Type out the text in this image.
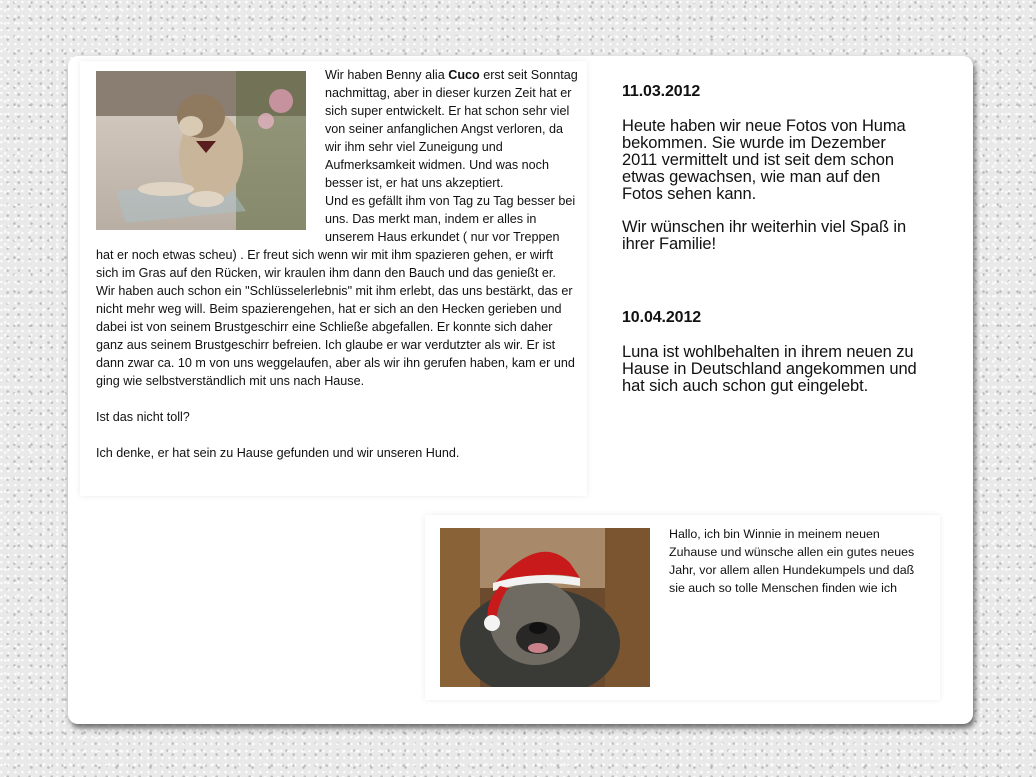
Wir haben Benny alia Cuco erst seit Sonntag nachmittag, aber in dieser kurzen Zeit hat er sich super entwickelt. Er hat schon sehr viel von seiner anfanglichen Angst verloren, da wir ihm sehr viel Zuneigung und Aufmerksamkeit widmen. Und was noch besser ist, er hat uns akzeptiert.

Und es gefällt ihm von Tag zu Tag besser bei uns. Das merkt man, indem er alles in unserem Haus erkundet ( nur vor Treppen hat er noch etwas scheu) . Er freut sich wenn wir mit ihm spazieren gehen, er wirft sich im Gras auf den Rücken, wir kraulen ihm dann den Bauch und das genießt er. Wir haben auch schon ein "Schlüsselerlebnis" mit ihm erlebt, das uns bestärkt, das er nicht mehr weg will. Beim spazierengehen, hat er sich an den Hecken gerieben und dabei ist von seinem Brustgeschirr eine Schließe abgefallen. Er konnte sich daher ganz aus seinem Brustgeschirr befreien. Ich glaube er war verdutzter als wir. Er ist dann zwar ca. 10 m von uns weggelaufen, aber als wir ihn gerufen haben, kam er und ging wie selbstverständlich mit uns nach Hause.

Ist das nicht toll?

Ich denke, er hat sein zu Hause gefunden und wir unseren Hund.

11.03.2012
Heute haben wir neue Fotos von Huma bekommen. Sie wurde im Dezember 2011 vermittelt und ist seit dem schon etwas gewachsen, wie man auf den Fotos sehen kann.
Wir wünschen ihr weiterhin viel Spaß in ihrer Familie!
10.04.2012
Luna ist wohlbehalten in ihrem neuen zu Hause in Deutschland angekommen und hat sich auch schon gut eingelebt.
Hallo, ich bin Winnie in meinem neuen Zuhause und wünsche allen ein gutes neues Jahr, vor allem allen Hundekumpels und daß sie auch so tolle Menschen finden wie ich
